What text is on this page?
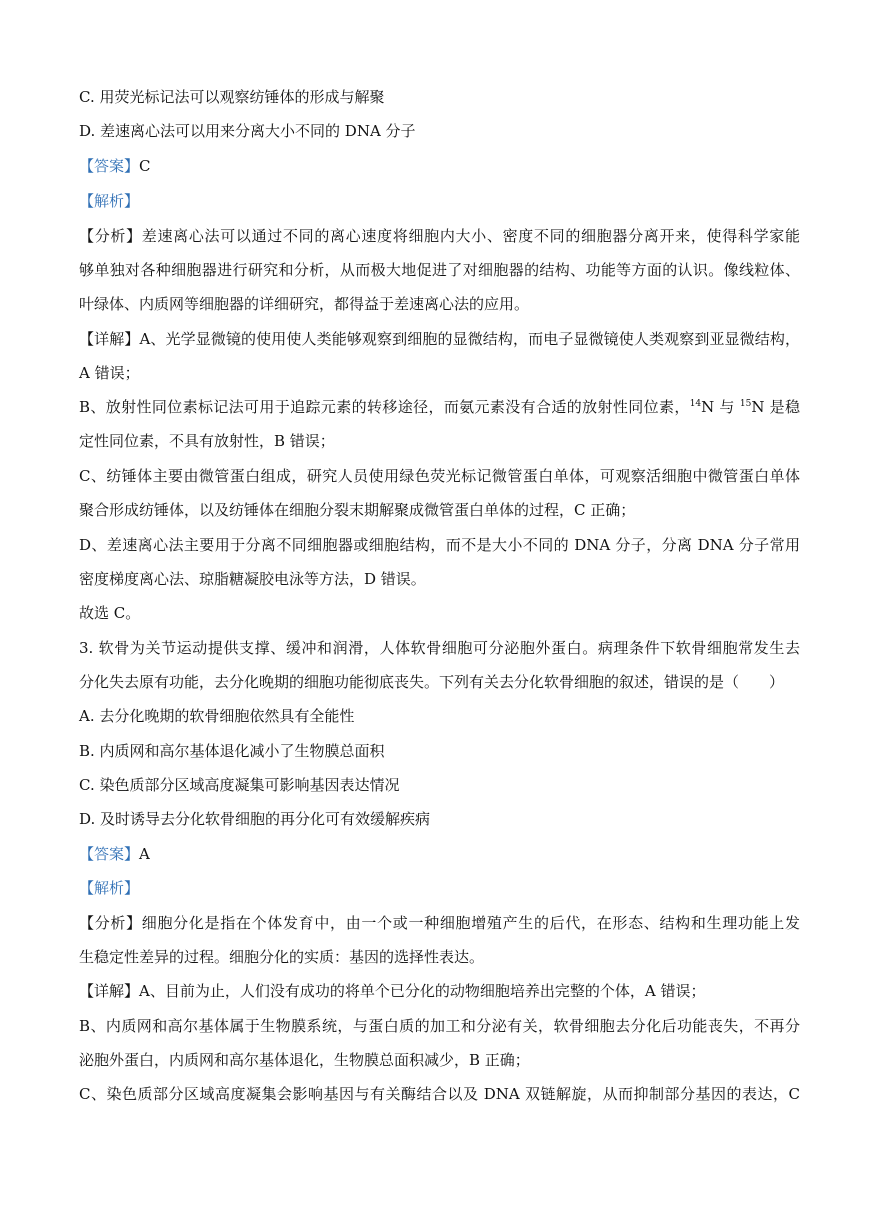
C. 用荧光标记法可以观察纺锤体的形成与解聚
D. 差速离心法可以用来分离大小不同的 DNA 分子
【答案】C
【解析】
【分析】差速离心法可以通过不同的离心速度将细胞内大小、密度不同的细胞器分离开来，使得科学家能
够单独对各种细胞器进行研究和分析，从而极大地促进了对细胞器的结构、功能等方面的认识。像线粒体、
叶绿体、内质网等细胞器的详细研究，都得益于差速离心法的应用。
【详解】A、光学显微镜的使用使人类能够观察到细胞的显微结构，而电子显微镜使人类观察到亚显微结构，
A 错误；
B、放射性同位素标记法可用于追踪元素的转移途径，而氨元素没有合适的放射性同位素，$^{14}$N 与 $^{15}$N 是稳
定性同位素，不具有放射性，B 错误；
C、纺锤体主要由微管蛋白组成，研究人员使用绿色荧光标记微管蛋白单体，可观察活细胞中微管蛋白单体
聚合形成纺锤体，以及纺锤体在细胞分裂末期解聚成微管蛋白单体的过程，C 正确；
D、差速离心法主要用于分离不同细胞器或细胞结构，而不是大小不同的 DNA 分子，分离 DNA 分子常用
密度梯度离心法、琼脂糖凝胶电泳等方法，D 错误。
故选 C。
3. 软骨为关节运动提供支撑、缓冲和润滑，人体软骨细胞可分泌胞外蛋白。病理条件下软骨细胞常发生去
分化失去原有功能，去分化晚期的细胞功能彻底丧失。下列有关去分化软骨细胞的叙述，错误的是（　　）
A. 去分化晚期的软骨细胞依然具有全能性
B. 内质网和高尔基体退化减小了生物膜总面积
C. 染色质部分区域高度凝集可影响基因表达情况
D. 及时诱导去分化软骨细胞的再分化可有效缓解疾病
【答案】A
【解析】
【分析】细胞分化是指在个体发育中，由一个或一种细胞增殖产生的后代，在形态、结构和生理功能上发
生稳定性差异的过程。细胞分化的实质：基因的选择性表达。
【详解】A、目前为止，人们没有成功的将单个已分化的动物细胞培养出完整的个体，A 错误；
B、内质网和高尔基体属于生物膜系统，与蛋白质的加工和分泌有关，软骨细胞去分化后功能丧失，不再分
泌胞外蛋白，内质网和高尔基体退化，生物膜总面积减少，B 正确；
C、染色质部分区域高度凝集会影响基因与有关酶结合以及 DNA 双链解旋，从而抑制部分基因的表达，C
